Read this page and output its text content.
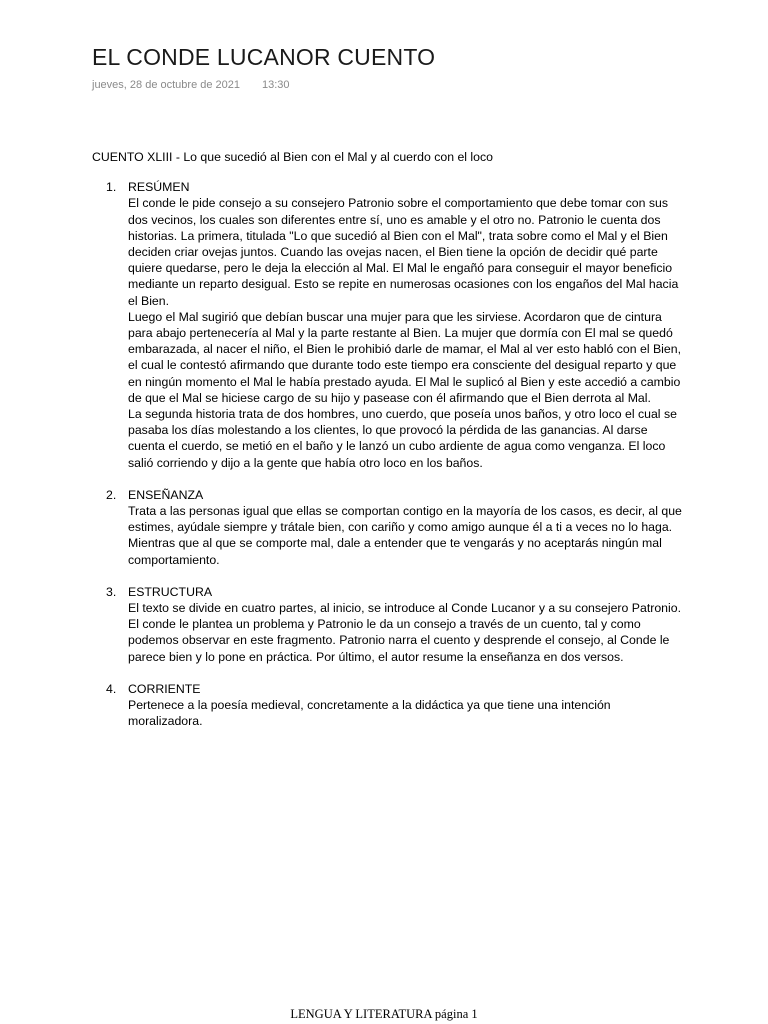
EL CONDE LUCANOR CUENTO
jueves, 28 de octubre de 2021 13:30

CUENTO XLIII - Lo que sucedió al Bien con el Mal y al cuerdo con el loco

1. RESÚMEN

El conde le pide consejo a su consejero Patronio sobre el comportamiento que debe tomar con sus dos vecinos, los cuales son diferentes entre sí, uno es amable y el otro no. Patronio le cuenta dos historias. La primera, titulada "Lo que sucedió al Bien con el Mal", trata sobre como el Mal y el Bien deciden criar ovejas juntos. Cuando las ovejas nacen, el Bien tiene la opción de decidir qué parte quiere quedarse, pero le deja la elección al Mal. El Mal le engañó para conseguir el mayor beneficio mediante un reparto desigual. Esto se repite en numerosas ocasiones con los engaños del Mal hacia el Bien.

Luego el Mal sugirió que debían buscar una mujer para que les sirviese. Acordaron que de cintura para abajo pertenecería al Mal y la parte restante al Bien. La mujer que dormía con El mal se quedó embarazada, al nacer el niño, el Bien le prohibió darle de mamar, el Mal al ver esto habló con el Bien, el cual le contestó afirmando que durante todo este tiempo era consciente del desigual reparto y que en ningún momento el Mal le había prestado ayuda. El Mal le suplicó al Bien y este accedió a cambio de que el Mal se hiciese cargo de su hijo y pasease con él afirmando que el Bien derrota al Mal.

La segunda historia trata de dos hombres, uno cuerdo, que poseía unos baños, y otro loco el cual se pasaba los días molestando a los clientes, lo que provocó la pérdida de las ganancias. Al darse cuenta el cuerdo, se metió en el baño y le lanzó un cubo ardiente de agua como venganza. El loco salió corriendo y dijo a la gente que había otro loco en los baños.

2. ENSEÑANZA

Trata a las personas igual que ellas se comportan contigo en la mayoría de los casos, es decir, al que estimes, ayúdale siempre y trátale bien, con cariño y como amigo aunque él a ti a veces no lo haga. Mientras que al que se comporte mal, dale a entender que te vengarás y no aceptarás ningún mal comportamiento.

3. ESTRUCTURA

El texto se divide en cuatro partes, al inicio, se introduce al Conde Lucanor y a su consejero Patronio. El conde le plantea un problema y Patronio le da un consejo a través de un cuento, tal y como podemos observar en este fragmento. Patronio narra el cuento y desprende el consejo, al Conde le parece bien y lo pone en práctica. Por último, el autor resume la enseñanza en dos versos.

4. CORRIENTE

Pertenece a la poesía medieval, concretamente a la didáctica ya que tiene una intención moralizadora.

LENGUA Y LITERATURA página 1
